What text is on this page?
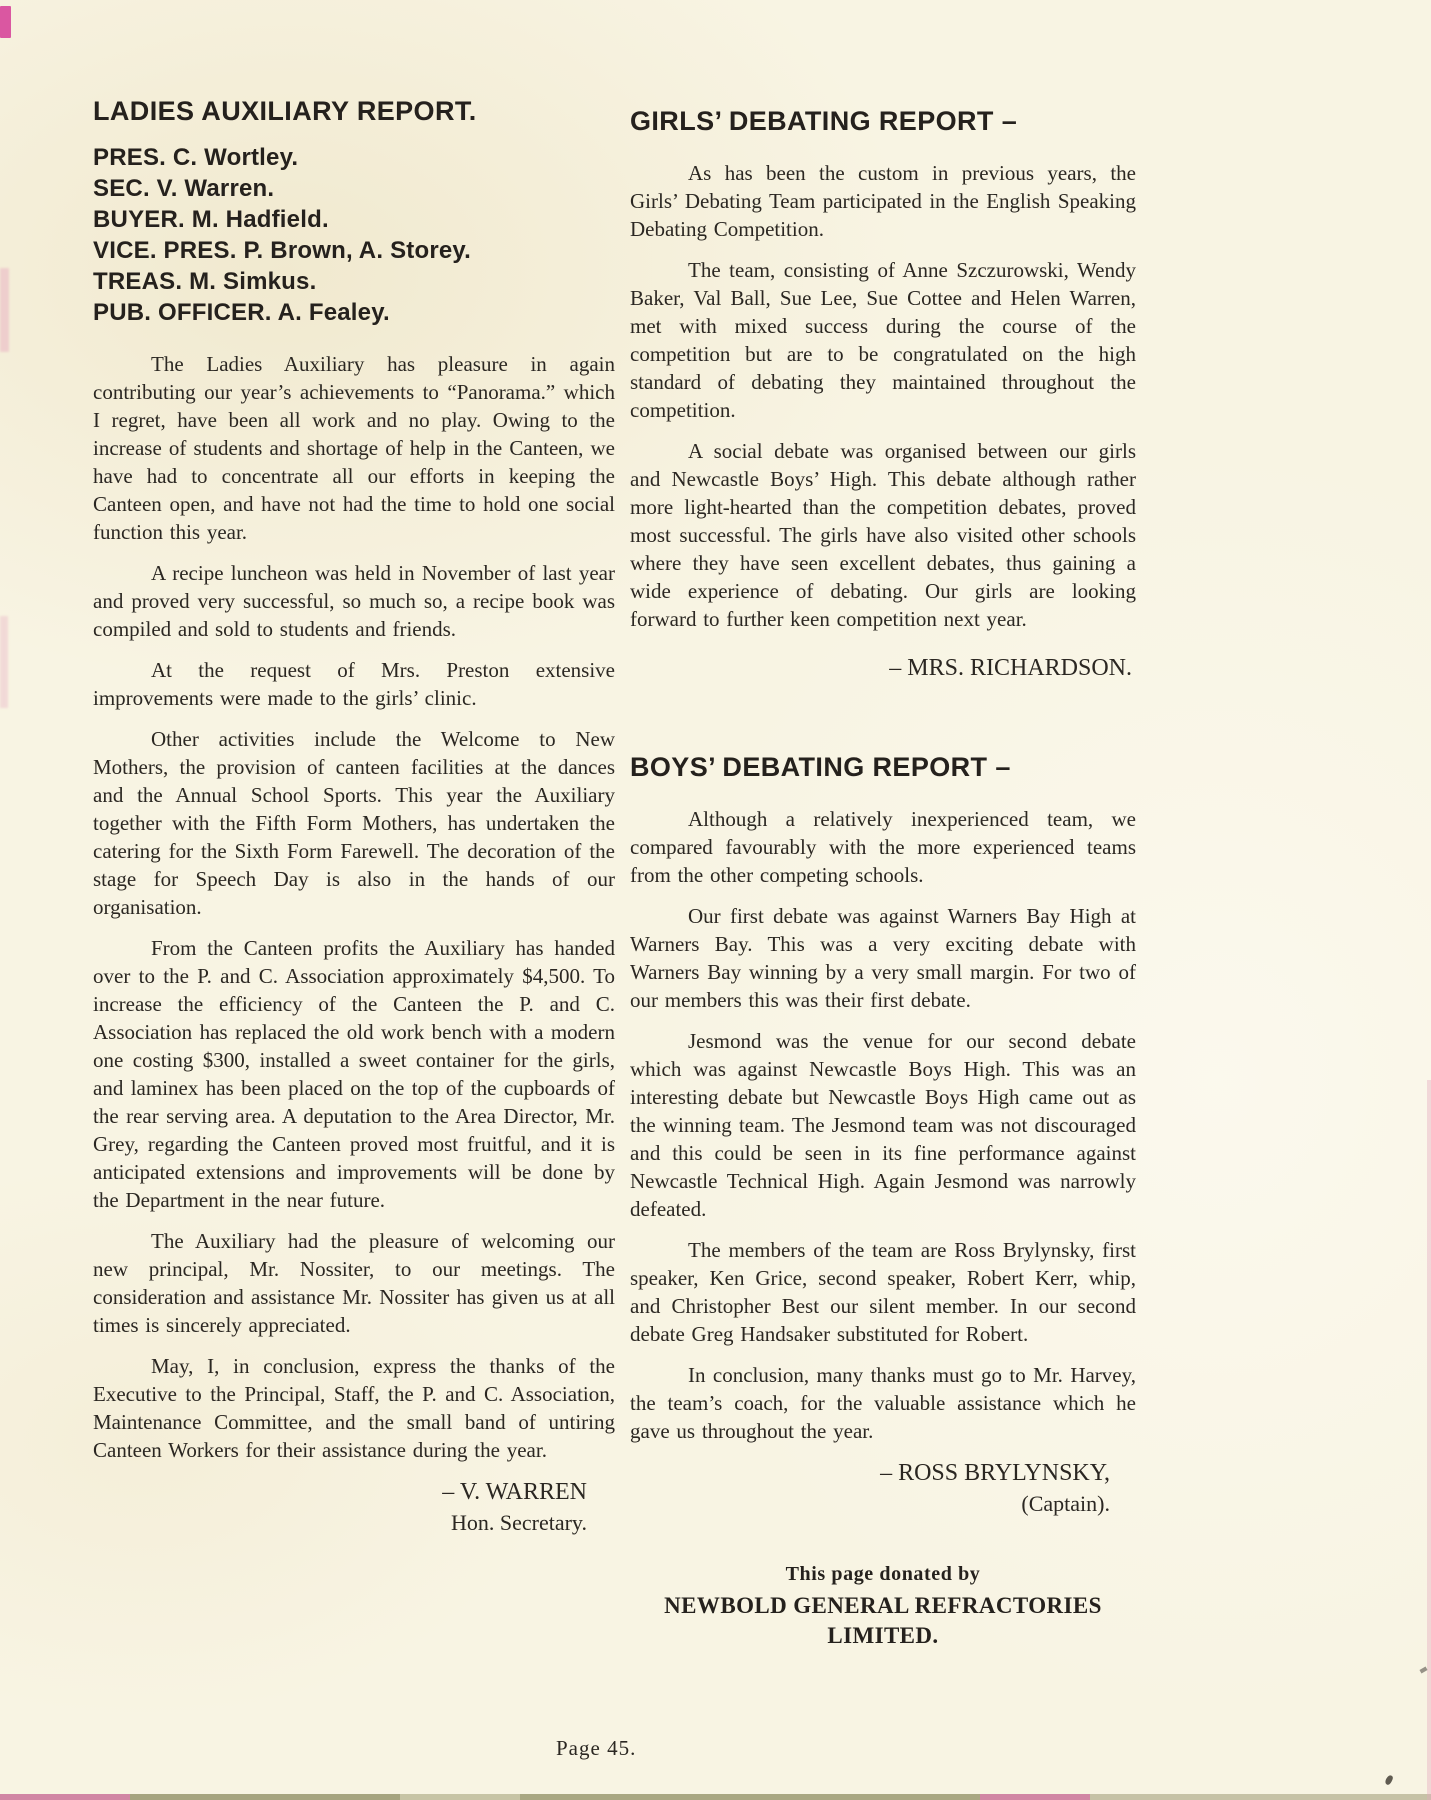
LADIES AUXILIARY REPORT.
PRES. C. Wortley.
SEC. V. Warren.
BUYER. M. Hadfield.
VICE. PRES. P. Brown, A. Storey.
TREAS. M. Simkus.
PUB. OFFICER. A. Fealey.

The Ladies Auxiliary has pleasure in again contributing our year’s achievements to “Panorama.” which I regret, have been all work and no play. Owing to the increase of students and shortage of help in the Canteen, we have had to concentrate all our efforts in keeping the Canteen open, and have not had the time to hold one social function this year.

A recipe luncheon was held in November of last year and proved very successful, so much so, a recipe book was compiled and sold to students and friends.

At the request of Mrs. Preston extensive improvements were made to the girls’ clinic.

Other activities include the Welcome to New Mothers, the provision of canteen facilities at the dances and the Annual School Sports. This year the Auxiliary together with the Fifth Form Mothers, has undertaken the catering for the Sixth Form Farewell. The decoration of the stage for Speech Day is also in the hands of our organisation.

From the Canteen profits the Auxiliary has handed over to the P. and C. Association approximately $4,500. To increase the efficiency of the Canteen the P. and C. Association has replaced the old work bench with a modern one costing $300, installed a sweet container for the girls, and laminex has been placed on the top of the cupboards of the rear serving area. A deputation to the Area Director, Mr. Grey, regarding the Canteen proved most fruitful, and it is anticipated extensions and improvements will be done by the Department in the near future.

The Auxiliary had the pleasure of welcoming our new principal, Mr. Nossiter, to our meetings. The consideration and assistance Mr. Nossiter has given us at all times is sincerely appreciated.

May, I, in conclusion, express the thanks of the Executive to the Principal, Staff, the P. and C. Association, Maintenance Committee, and the small band of untiring Canteen Workers for their assistance during the year.

– V. WARREN
Hon. Secretary.
GIRLS’ DEBATING REPORT –

As has been the custom in previous years, the Girls’ Debating Team participated in the English Speaking Debating Competition.

The team, consisting of Anne Szczurowski, Wendy Baker, Val Ball, Sue Lee, Sue Cottee and Helen Warren, met with mixed success during the course of the competition but are to be congratulated on the high standard of debating they maintained throughout the competition.

A social debate was organised between our girls and Newcastle Boys’ High. This debate although rather more light-hearted than the competition debates, proved most successful. The girls have also visited other schools where they have seen excellent debates, thus gaining a wide experience of debating. Our girls are looking forward to further keen competition next year.

– MRS. RICHARDSON.
BOYS’ DEBATING REPORT –

Although a relatively inexperienced team, we compared favourably with the more experienced teams from the other competing schools.

Our first debate was against Warners Bay High at Warners Bay. This was a very exciting debate with Warners Bay winning by a very small margin. For two of our members this was their first debate.

Jesmond was the venue for our second debate which was against Newcastle Boys High. This was an interesting debate but Newcastle Boys High came out as the winning team. The Jesmond team was not discouraged and this could be seen in its fine performance against Newcastle Technical High. Again Jesmond was narrowly defeated.

The members of the team are Ross Brylynsky, first speaker, Ken Grice, second speaker, Robert Kerr, whip, and Christopher Best our silent member. In our second debate Greg Handsaker substituted for Robert.

In conclusion, many thanks must go to Mr. Harvey, the team’s coach, for the valuable assistance which he gave us throughout the year.

– ROSS BRYLYNSKY,
(Captain).
This page donated by
NEWBOLD GENERAL REFRACTORIES LIMITED.
Page 45.
